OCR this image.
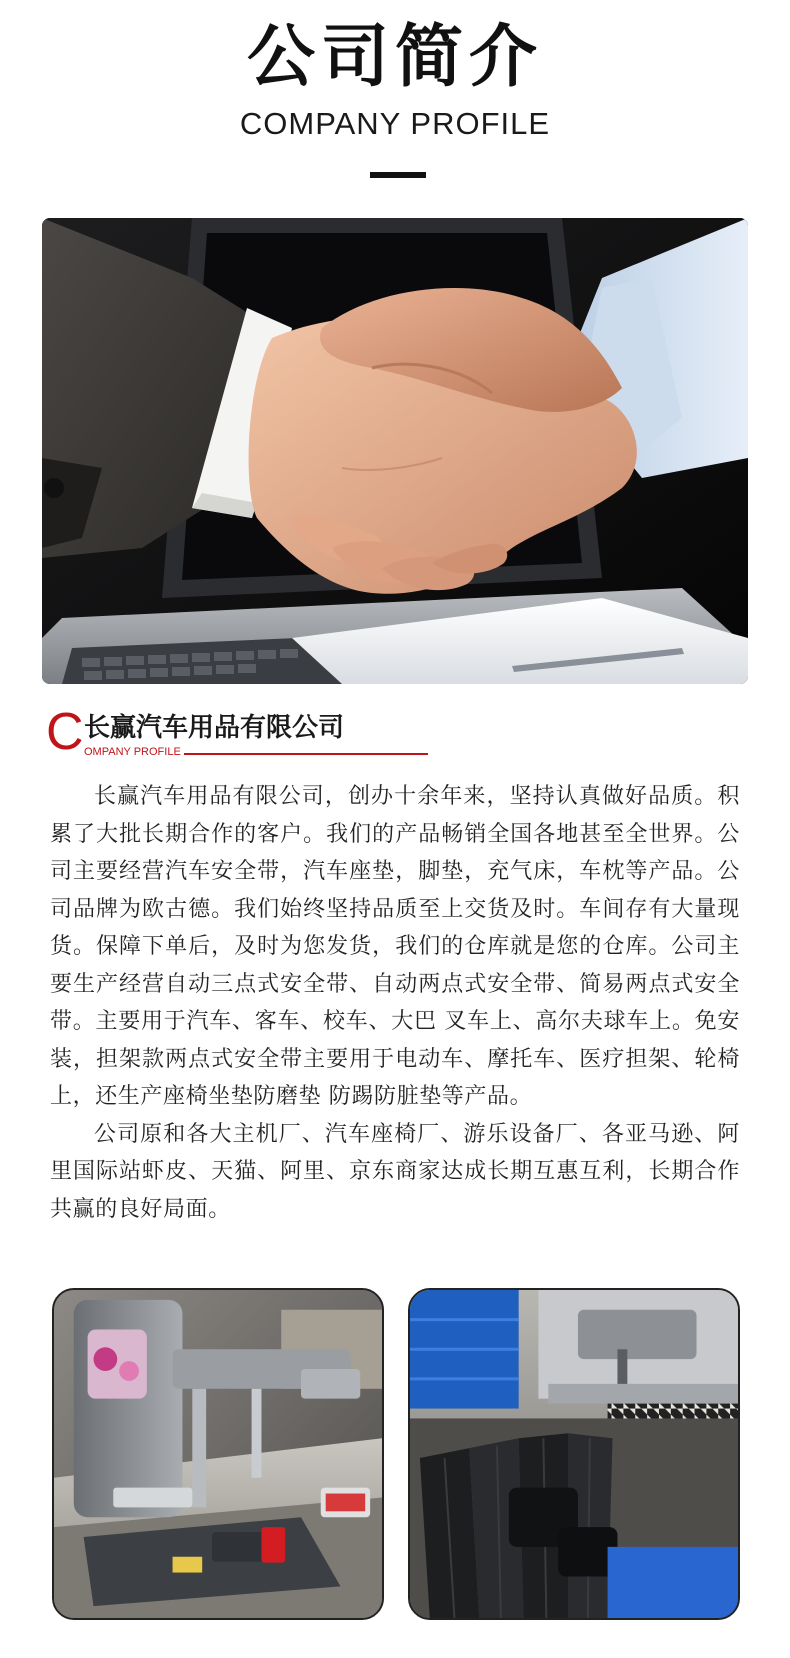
公司简介
COMPANY PROFILE
C 长赢汽车用品有限公司
OMPANY PROFILE

长赢汽车用品有限公司，创办十余年来，坚持认真做好品质。积累了大批长期合作的客户。我们的产品畅销全国各地甚至全世界。公司主要经营汽车安全带，汽车座垫，脚垫，充气床，车枕等产品。公司品牌为欧古德。我们始终坚持品质至上交货及时。车间存有大量现货。保障下单后，及时为您发货，我们的仓库就是您的仓库。公司主要生产经营自动三点式安全带、自动两点式安全带、简易两点式安全带。主要用于汽车、客车、校车、大巴 叉车上、高尔夫球车上。免安装，担架款两点式安全带主要用于电动车、摩托车、医疗担架、轮椅上，还生产座椅坐垫防磨垫 防踢防脏垫等产品。

公司原和各大主机厂、汽车座椅厂、游乐设备厂、各亚马逊、阿里国际站虾皮、天猫、阿里、京东商家达成长期互惠互利，长期合作共赢的良好局面。
